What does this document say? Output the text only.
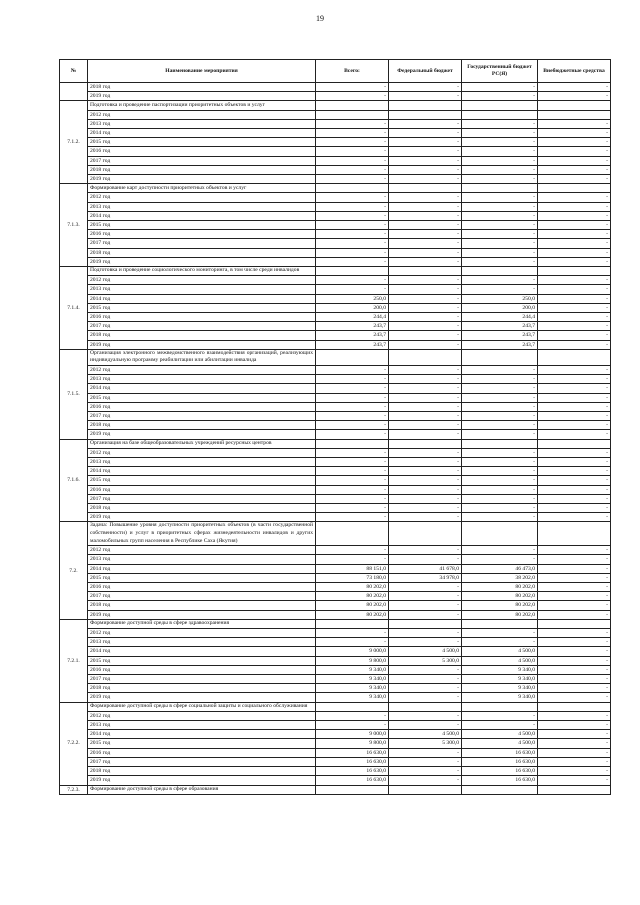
19
№	Наименование мероприятия	Всего:	Федеральный бюджет	Государственный бюджет РС(Я)	Внебюджетные средства
	2018 год	-	-	-	-
	2019 год	-	-	-	-
7.1.2.	Подготовка и проведение паспортизации приоритетных объектов и услуг				
	2012 год				
	2013 год	-	-	-	-
	2014 год	-	-	-	-
	2015 год	-	-	-	-
	2016 год	-	-	-	-
	2017 год	-	-	-	-
	2018 год	-	-	-	-
	2019 год	-	-	-	-
7.1.3.	Формирование карт доступности приоритетных объектов и услуг				
	2012 год	-	-	-	-
	2013 год	-	-	-	-
	2014 год	-	-	-	-
	2015 год	-	-	-	-
	2016 год	-	-	-	-
	2017 год	-	-	-	-
	2018 год	-	-	-	-
	2019 год	-	-	-	-
7.1.4.	Подготовка и проведение социологического мониторинга, в том числе среди инвалидов				
	2012 год	-	-	-	-
	2013 год	-	-	-	-
	2014 год	250,0	-	250,0	-
	2015 год	200,0	-	200,0	-
	2016 год	244,4	-	244,4	-
	2017 год	243,7	-	243,7	-
	2018 год	243,7	-	243,7	-
	2019 год	243,7	-	243,7	-
7.1.5.	Организация электронного межведомственного взаимодействия организаций, реализующих индивидуальную программу реабилитации или абилитации инвалида				
	2012 год	-	-	-	-
	2013 год	-	-	-	-
	2014 год	-	-	-	-
	2015 год	-	-	-	-
	2016 год	-	-	-	-
	2017 год	-	-	-	-
	2018 год	-	-	-	-
	2019 год	-	-	-	-
7.1.6.	Организация на базе общеобразовательных учреждений ресурсных центров				
	2012 год	-	-	-	-
	2013 год	-	-	-	-
	2014 год	-	-	-	-
	2015 год	-	-	-	-
	2016 год	-	-	-	-
	2017 год	-	-	-	-
	2018 год	-	-	-	-
	2019 год	-	-	-	-
7.2.	Задача: Повышение уровня доступности приоритетных объектов (в части государственной собственности) и услуг в приоритетных сферах жизнедеятельности инвалидов и других маломобильных групп населения в Республике Саха (Якутия)				
	2012 год	-	-	-	-
	2013 год	-	-	-	-
	2014 год	88 151,0	41 678,0	46 473,0	-
	2015 год	73 180,0	34 978,0	38 202,0	-
	2016 год	80 202,0	-	80 202,0	-
	2017 год	80 202,0	-	80 202,0	-
	2018 год	80 202,0	-	80 202,0	-
	2019 год	80 202,0	-	80 202,0	-
7.2.1.	Формирование доступной среды в сфере здравоохранения				
	2012 год	-	-	-	-
	2013 год	-	-	-	-
	2014 год	9 000,0	4 500,0	4 500,0	-
	2015 год	9 800,0	5 300,0	4 500,0	-
	2016 год	9 340,0	-	9 340,0	-
	2017 год	9 340,0	-	9 340,0	-
	2018 год	9 340,0	-	9 340,0	-
	2019 год	9 340,0	-	9 340,0	-
7.2.2.	Формирование доступной среды в сфере социальной защиты и социального обслуживания				
	2012 год	-	-	-	-
	2013 год	-	-	-	-
	2014 год	9 000,0	4 500,0	4 500,0	-
	2015 год	9 800,0	5 300,0	4 500,0	-
	2016 год	16 630,0	-	16 630,0	-
	2017 год	16 630,0	-	16 630,0	-
	2018 год	16 630,0	-	16 630,0	-
	2019 год	16 630,0	-	16 630,0	-
7.2.3.	Формирование доступной среды в сфере образования				
